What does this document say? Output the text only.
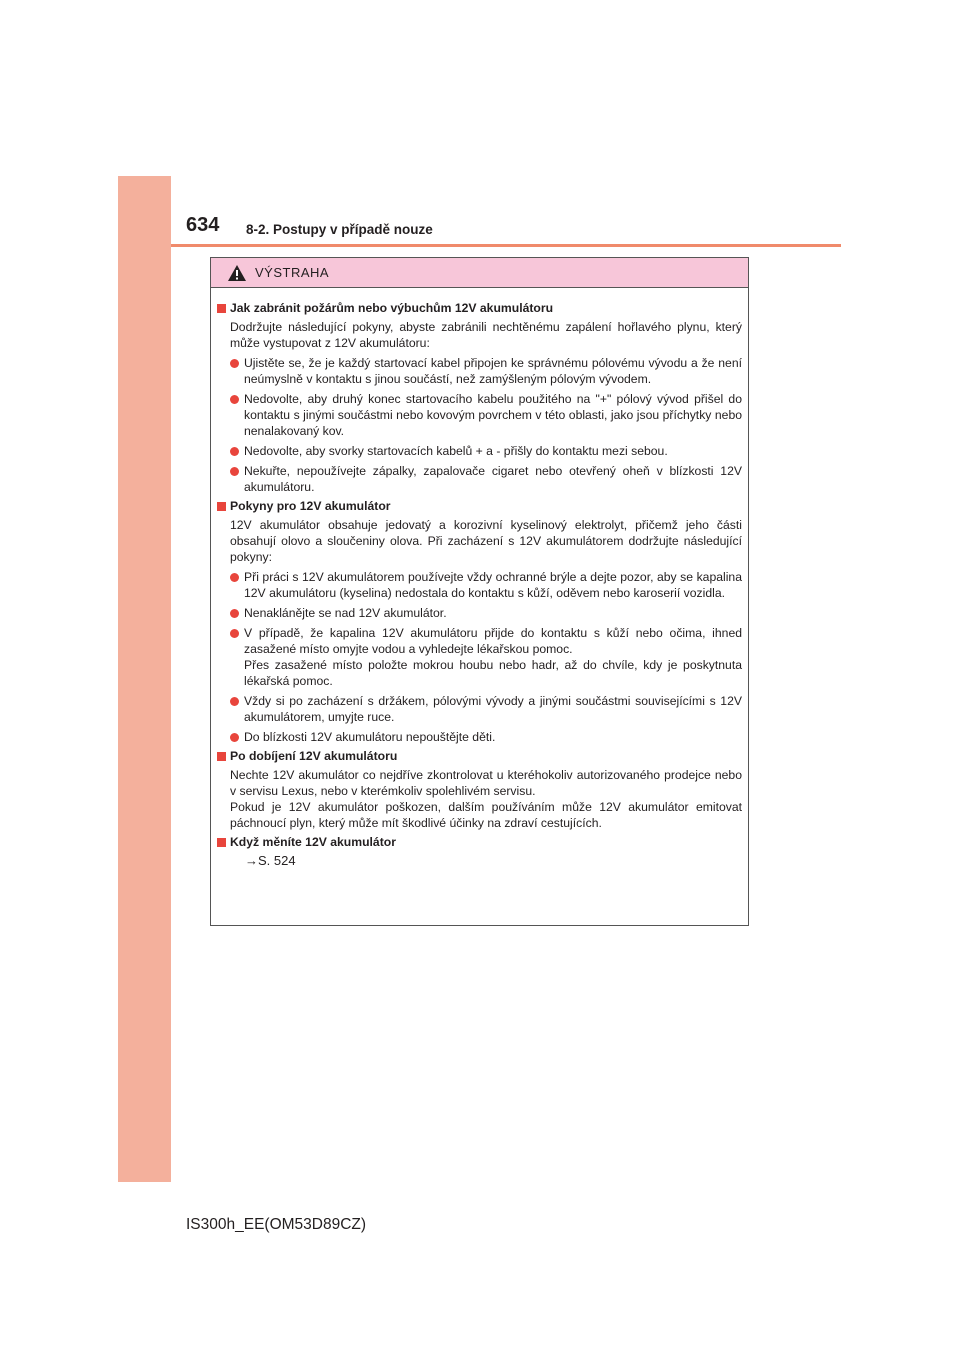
634 8-2. Postupy v případě nouze
VÝSTRAHA
Jak zabránit požárům nebo výbuchům 12V akumulátoru
Dodržujte následující pokyny, abyste zabránili nechtěnému zapálení hořlavého plynu, který může vystupovat z 12V akumulátoru:
Ujistěte se, že je každý startovací kabel připojen ke správnému pólovému vývodu a že není neúmyslně v kontaktu s jinou součástí, než zamýšleným pólovým vývodem.
Nedovolte, aby druhý konec startovacího kabelu použitého na "+" pólový vývod přišel do kontaktu s jinými součástmi nebo kovovým povrchem v této oblasti, jako jsou příchytky nebo nenalakovaný kov.
Nedovolte, aby svorky startovacích kabelů + a - přišly do kontaktu mezi sebou.
Nekuřte, nepoužívejte zápalky, zapalovače cigaret nebo otevřený oheň v blízkosti 12V akumulátoru.
Pokyny pro 12V akumulátor
12V akumulátor obsahuje jedovatý a korozivní kyselinový elektrolyt, přičemž jeho části obsahují olovo a sloučeniny olova. Při zacházení s 12V akumulátorem dodržujte následující pokyny:
Při práci s 12V akumulátorem používejte vždy ochranné brýle a dejte pozor, aby se kapalina 12V akumulátoru (kyselina) nedostala do kontaktu s kůží, oděvem nebo karoserií vozidla.
Nenaklánějte se nad 12V akumulátor.
V případě, že kapalina 12V akumulátoru přijde do kontaktu s kůží nebo očima, ihned zasažené místo omyjte vodou a vyhledejte lékařskou pomoc.
Přes zasažené místo položte mokrou houbu nebo hadr, až do chvíle, kdy je poskytnuta lékařská pomoc.
Vždy si po zacházení s držákem, pólovými vývody a jinými součástmi souvisejícími s 12V akumulátorem, umyjte ruce.
Do blízkosti 12V akumulátoru nepouštějte děti.
Po dobíjení 12V akumulátoru
Nechte 12V akumulátor co nejdříve zkontrolovat u kteréhokoliv autorizovaného prodejce nebo v servisu Lexus, nebo v kterémkoliv spolehlivém servisu.
Pokud je 12V akumulátor poškozen, dalším používáním může 12V akumulátor emitovat páchnoucí plyn, který může mít škodlivé účinky na zdraví cestujících.
Když měníte 12V akumulátor
→S. 524
IS300h_EE(OM53D89CZ)
